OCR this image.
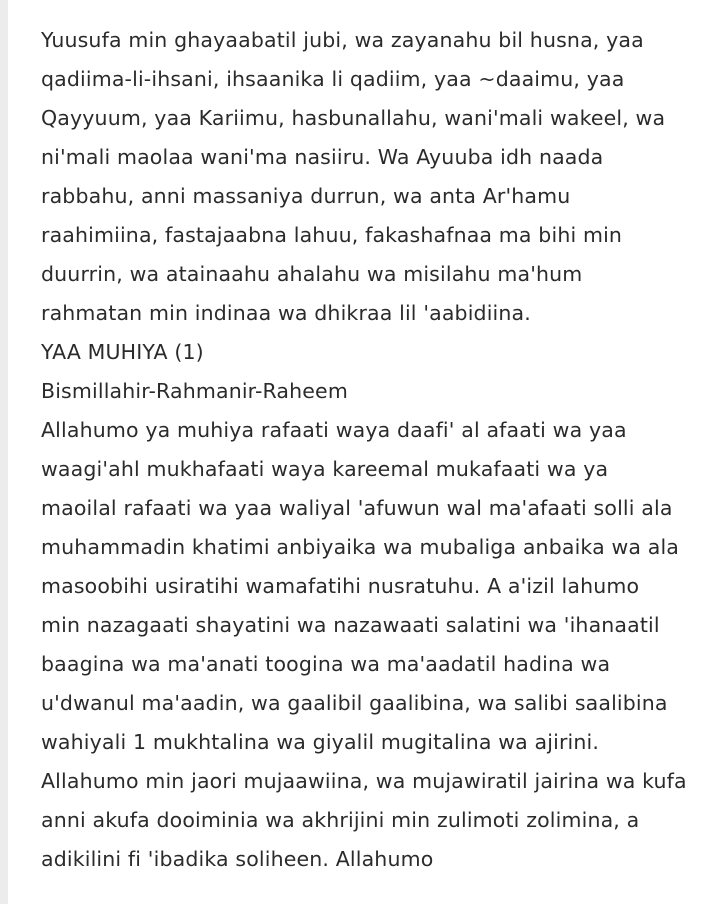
Yuusufa min ghayaabatil jubi, wa zayanahu bil husna, yaa
qadiima-li-ihsani, ihsaanika li qadiim, yaa ~daaimu, yaa
Qayyuum, yaa Kariimu, hasbunallahu, wani'mali wakeel, wa
ni'mali maolaa wani'ma nasiiru. Wa Ayuuba idh naada
rabbahu, anni massaniya durrun, wa anta Ar'hamu
raahimiina, fastajaabna lahuu, fakashafnaa ma bihi min
duurrin, wa atainaahu ahalahu wa misilahu ma'hum
rahmatan min indinaa wa dhikraa lil 'aabidiina.
YAA MUHIYA (1)
Bismillahir-Rahmanir-Raheem
Allahumo ya muhiya rafaati waya daafi' al afaati wa yaa
waagi'ahl mukhafaati waya kareemal mukafaati wa ya
maoilal rafaati wa yaa waliyal 'afuwun wal ma'afaati solli ala
muhammadin khatimi anbiyaika wa mubaliga anbaika wa ala
masoobihi usiratihi wamafatihi nusratuhu. A a'izil lahumo
min nazagaati shayatini wa nazawaati salatini wa 'ihanaatil
baagina wa ma'anati toogina wa ma'aadatil hadina wa
u'dwanul ma'aadin, wa gaalibil gaalibina, wa salibi saalibina
wahiyali 1 mukhtalina wa giyalil mugitalina wa ajirini.
Allahumo min jaori mujaawiina, wa mujawiratil jairina wa kufa
anni akufa dooiminia wa akhrijini min zulimoti zolimina, a
adikilini fi 'ibadika soliheen. Allahumo
